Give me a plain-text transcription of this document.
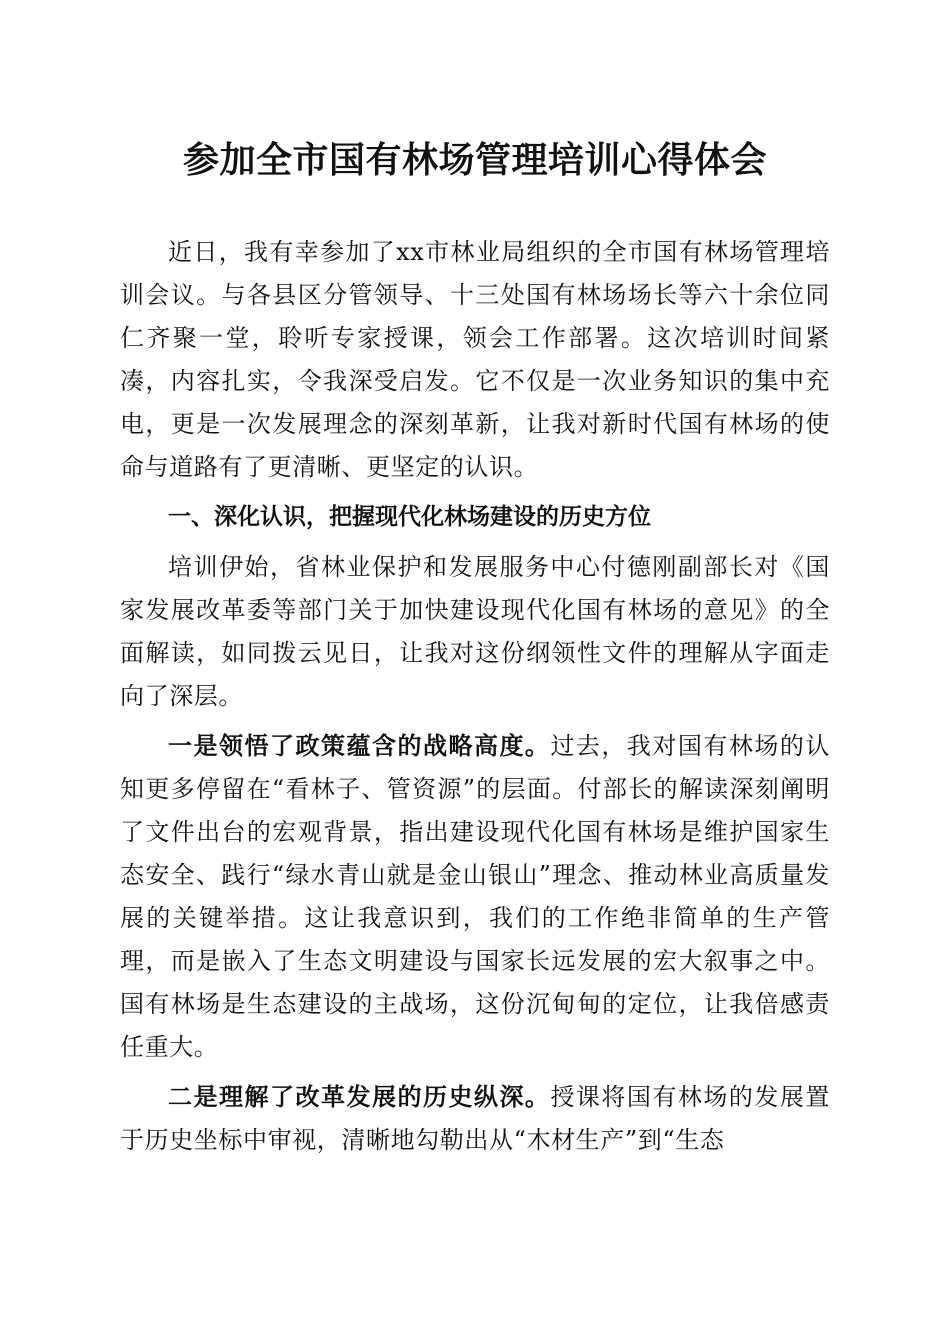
参加全市国有林场管理培训心得体会

近日，我有幸参加了xx市林业局组织的全市国有林场管理培训会议。与各县区分管领导、十三处国有林场场长等六十余位同仁齐聚一堂，聆听专家授课，领会工作部署。这次培训时间紧凑，内容扎实，令我深受启发。它不仅是一次业务知识的集中充电，更是一次发展理念的深刻革新，让我对新时代国有林场的使命与道路有了更清晰、更坚定的认识。

一、深化认识，把握现代化林场建设的历史方位

培训伊始，省林业保护和发展服务中心付德刚副部长对《国家发展改革委等部门关于加快建设现代化国有林场的意见》的全面解读，如同拨云见日，让我对这份纲领性文件的理解从字面走向了深层。

一是领悟了政策蕴含的战略高度。过去，我对国有林场的认知更多停留在“看林子、管资源”的层面。付部长的解读深刻阐明了文件出台的宏观背景，指出建设现代化国有林场是维护国家生态安全、践行“绿水青山就是金山银山”理念、推动林业高质量发展的关键举措。这让我意识到，我们的工作绝非简单的生产管理，而是嵌入了生态文明建设与国家长远发展的宏大叙事之中。国有林场是生态建设的主战场，这份沉甸甸的定位，让我倍感责任重大。

二是理解了改革发展的历史纵深。授课将国有林场的发展置于历史坐标中审视，清晰地勾勒出从“木材生产”到“生态
